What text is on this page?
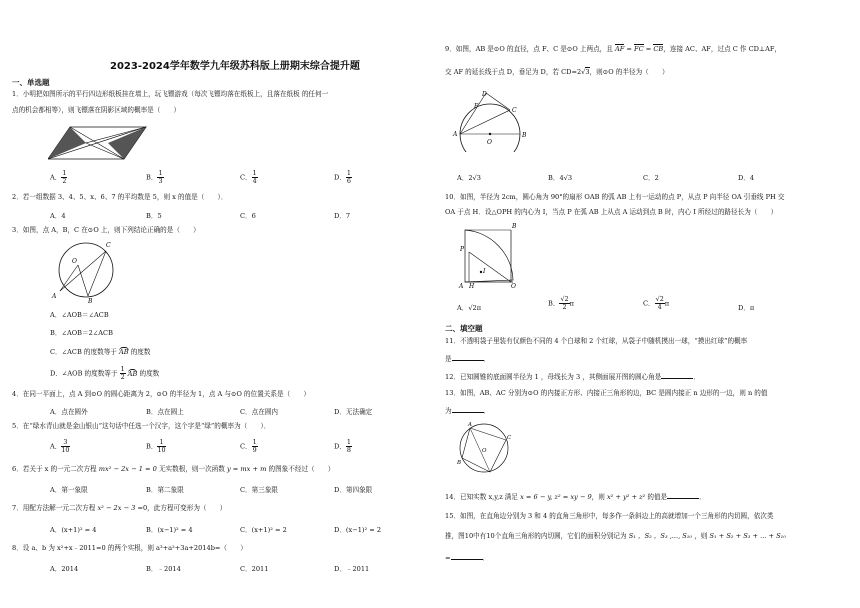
2023-2024学年数学九年级苏科版上册期末综合提升题
一、单选题
1．小明把如图所示的平行四边形纸板挂在墙上，玩飞镖游戏（每次飞镖均落在纸板上，且落在纸板 的任何一
点的机会都相等），则飞镖落在阴影区域的概率是（　　）
A． $\frac{1}{2}$	B． $\frac{1}{3}$	C． $\frac{1}{4}$	D． $\frac{1}{6}$
2．若一组数据 3、4、5、x、6、7 的平均数是 5，则 x 的值是（　　）．
A．4	B．5	C．6	D．7
3．如图，点 A，B，C 在⊙O 上，则下列结论正确的是（　　）
C
O
A
B
A．∠AOB＝∠ACB
B．∠AOB＝2∠ACB
C．∠ACB 的度数等于 AB 的度数
D．∠AOB 的度数等于 $\frac{1}{2}$ AB 的度数
4．在同一平面上，点 A 到⊙O 的圆心距离为 2，⊙O 的半径为 1，点 A 与⊙O 的位置关系是（　　）
A．点在圆外	B．点在圆上	C．点在圆内	D．无法确定
5．在“绿水青山就是金山银山”这句话中任选一个汉字，这个字是“绿”的概率为（　　）．
A． $\frac{3}{10}$	B． $\frac{1}{10}$	C． $\frac{1}{9}$	D． $\frac{1}{8}$
6．若关于 x 的一元二次方程 mx² − 2x − 1 = 0 无实数根，则一次函数 y = mx + m 的图象不经过（　　）
A．第一象限	B．第二象限	C．第三象限	D．第四象限
7．用配方法解一元二次方程 x² − 2x − 3 =0，此方程可变形为（　　）
A．(x+1)² = 4	B．(x−1)² = 4	C．(x+1)² = 2	D．(x−1)² = 2
8．设 a、b 为 x²+x﹣2011=0 的两个实根，则 a³+a²+3a+2014b=（　　）
A．2014	B．﹣2014	C．2011	D．﹣2011
9．如图，AB 是⊙O 的直径，点 F、C 是⊙O 上两点，且 AF = FC = CB，连接 AC、AF，过点 C 作 CD⊥AF，
交 AF 的延长线于点 D，垂足为 D，若 CD=2√3，则⊙O 的半径为（　　）
D
F
C
A
O
B
A．2√3	B．4√3	C．2	D．4
10．如图，半径为 2cm，圆心角为 90°的扇形 OAB 的弧 AB 上有一运动的点 P，从点 P 向半径 OA 引垂线 PH 交
OA 于点 H．设△OPH 的内心为 I，当点 P 在弧 AB 上从点 A 运动到点 B 时，内心 I 所经过的路径长为（　　）
B
P
I
A H	O
A．√2π
B． $\frac{√2}{2}$ π	C． $\frac{√2}{4}$ π
D．π
二、填空题
11．不透明袋子里装有仅颜色不同的 4 个白球和 2 个红球，从袋子中随机摸出一球，“摸出红球”的概率
是	．
12．已知圆锥的底面圆半径为 1 ，母线长为 3 ，其侧面展开图的圆心角是	．
13．如图，AB、AC 分别为⊙O 的内接正方形、内接正三角形的边，BC 是圆内接正 n 边形的一边，则 n 的值
为	．
A
B
O
C
14．已知实数 x,y,z 满足 x = 6 − y, z² = xy − 9，则 x² + y² + z² 的值是	．
15．如图，在直角边分别为 3 和 4 的直角三角形中，每多作一条斜边上的高就增加一个三角形的内切圆，依次类
推，图10中有10个直角三角形的内切圆，它们的面积分别记为 S₁ ，S₂ ，S₃ ,..., S₁₀ ，则 S₁ + S₂ + S₃ + ... + S₁₀
=	．
